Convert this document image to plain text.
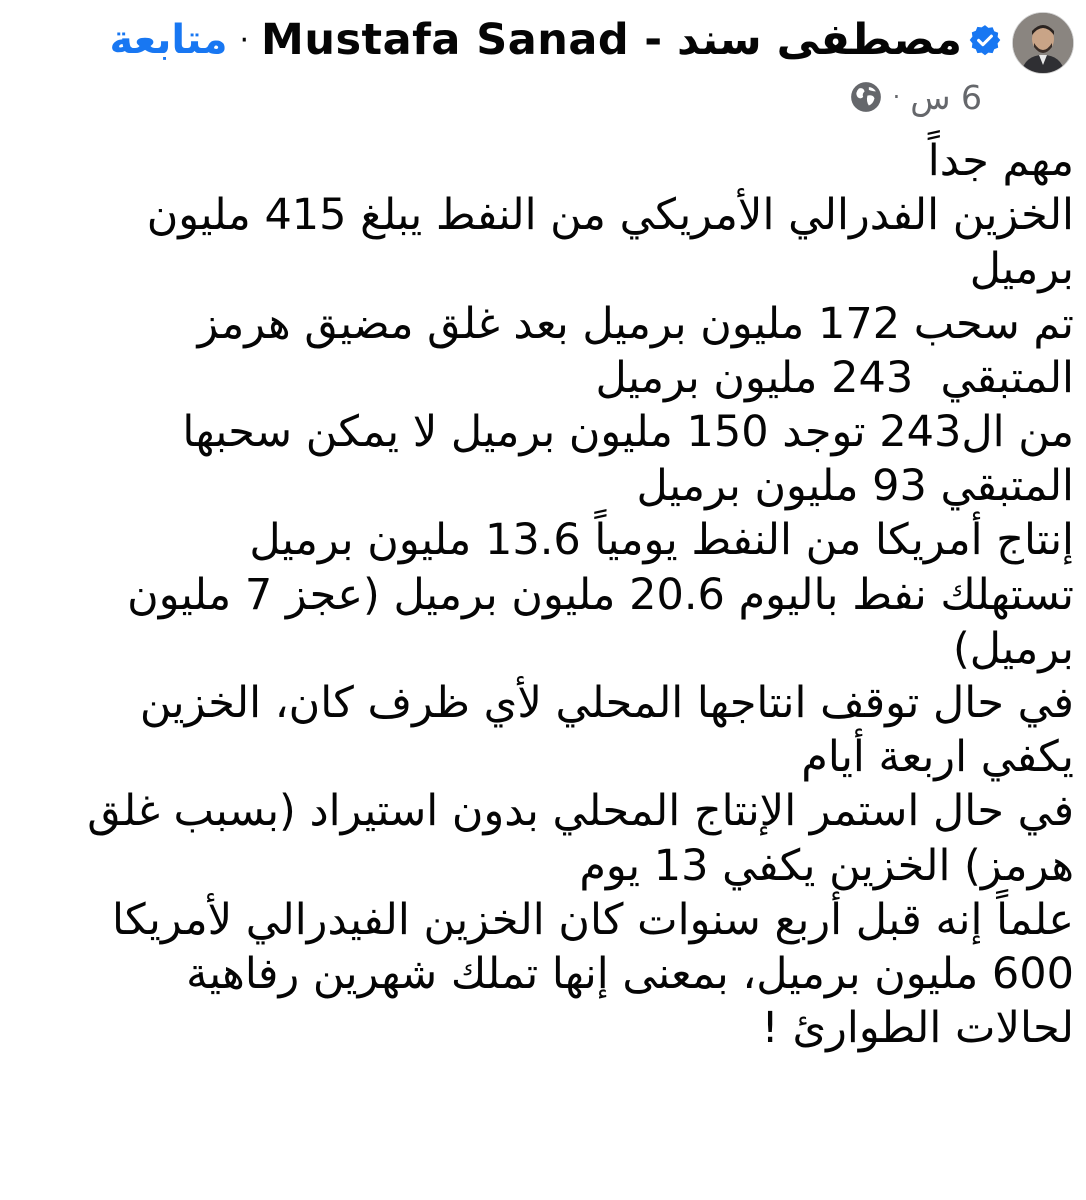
مصطفى سند - Mustafa Sanad
·
متابعة
6 س
·
مهم جداً
الخزين الفدرالي الأمريكي من النفط يبلغ 415 مليون برميل
تم سحب 172 مليون برميل بعد غلق مضيق هرمز
المتبقي  243 مليون برميل
من ال243 توجد 150 مليون برميل لا يمكن سحبها
المتبقي 93 مليون برميل
إنتاج أمريكا من النفط يومياً 13.6 مليون برميل
تستهلك نفط باليوم 20.6 مليون برميل (عجز 7 مليون برميل)
في حال توقف انتاجها المحلي لأي ظرف كان، الخزين يكفي اربعة أيام
في حال استمر الإنتاج المحلي بدون استيراد (بسبب غلق هرمز) الخزين يكفي 13 يوم
علماً إنه قبل أربع سنوات كان الخزين الفيدرالي لأمريكا 600 مليون برميل، بمعنى إنها تملك شهرين رفاهية لحالات الطوارئ !
